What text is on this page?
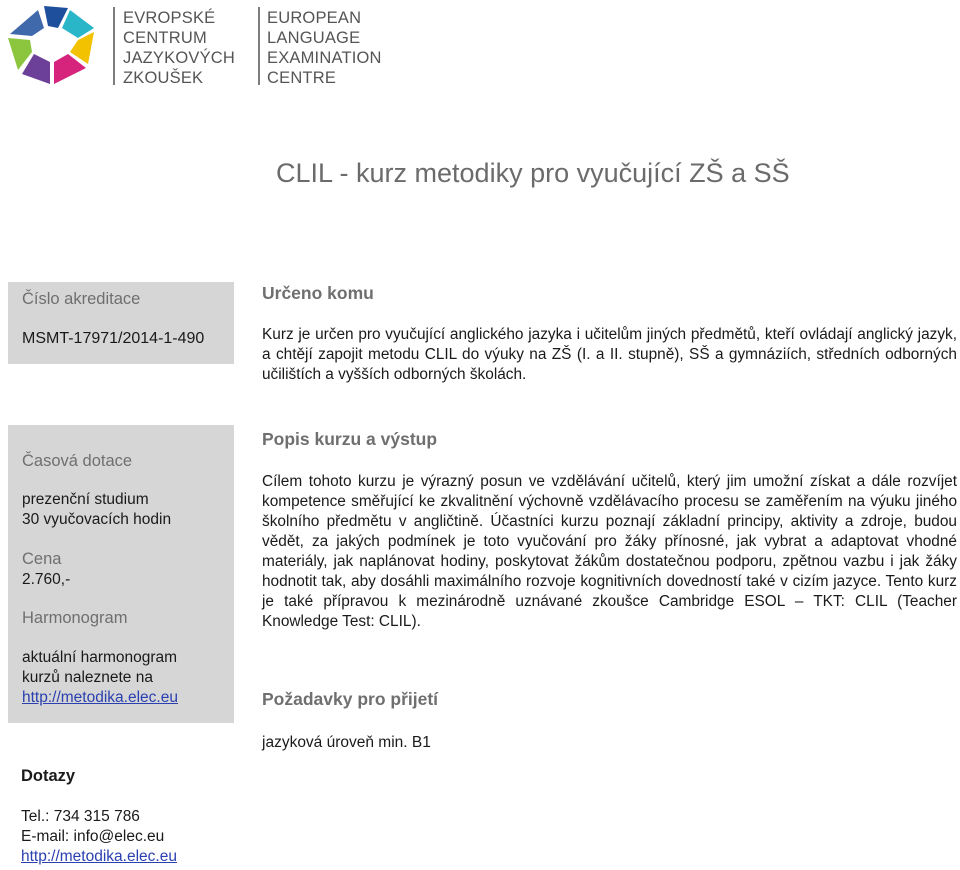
EVROPSKÉ
CENTRUM
JAZYKOVÝCH
ZKOUŠEK
EUROPEAN
LANGUAGE
EXAMINATION
CENTRE
CLIL - kurz metodiky pro vyučující ZŠ a SŠ
Číslo akreditace
MSMT-17971/2014-1-490
Určeno komu
Kurz je určen pro vyučující anglického jazyka i učitelům jiných předmětů, kteří ovládají anglický jazyk, a chtějí zapojit metodu CLIL do výuky na ZŠ (I. a II. stupně), SŠ a gymnáziích, středních odborných učilištích a vyšších odborných školách.
Časová dotace
prezenční studium
30 vyučovacích hodin
Cena
2.760,-
Harmonogram
aktuální harmonogram
kurzů naleznete na
http://metodika.elec.eu
Popis kurzu a výstup
Cílem tohoto kurzu je výrazný posun ve vzdělávání učitelů, který jim umožní získat a dále rozvíjet kompetence směřující ke zkvalitnění výchovně vzdělávacího procesu se zaměřením na výuku jiného školního předmětu v angličtině. Účastníci kurzu poznají základní principy, aktivity a zdroje, budou vědět, za jakých podmínek je toto vyučování pro žáky přínosné, jak vybrat a adaptovat vhodné materiály, jak naplánovat hodiny, poskytovat žákům dostatečnou podporu, zpětnou vazbu i jak žáky hodnotit tak, aby dosáhli maximálního rozvoje kognitivních dovedností také v cizím jazyce. Tento kurz je také přípravou k mezinárodně uznávané zkoušce Cambridge ESOL – TKT: CLIL (Teacher Knowledge Test: CLIL).
Požadavky pro přijetí
jazyková úroveň min. B1
Dotazy
Tel.: 734 315 786
E-mail: info@elec.eu
http://metodika.elec.eu
